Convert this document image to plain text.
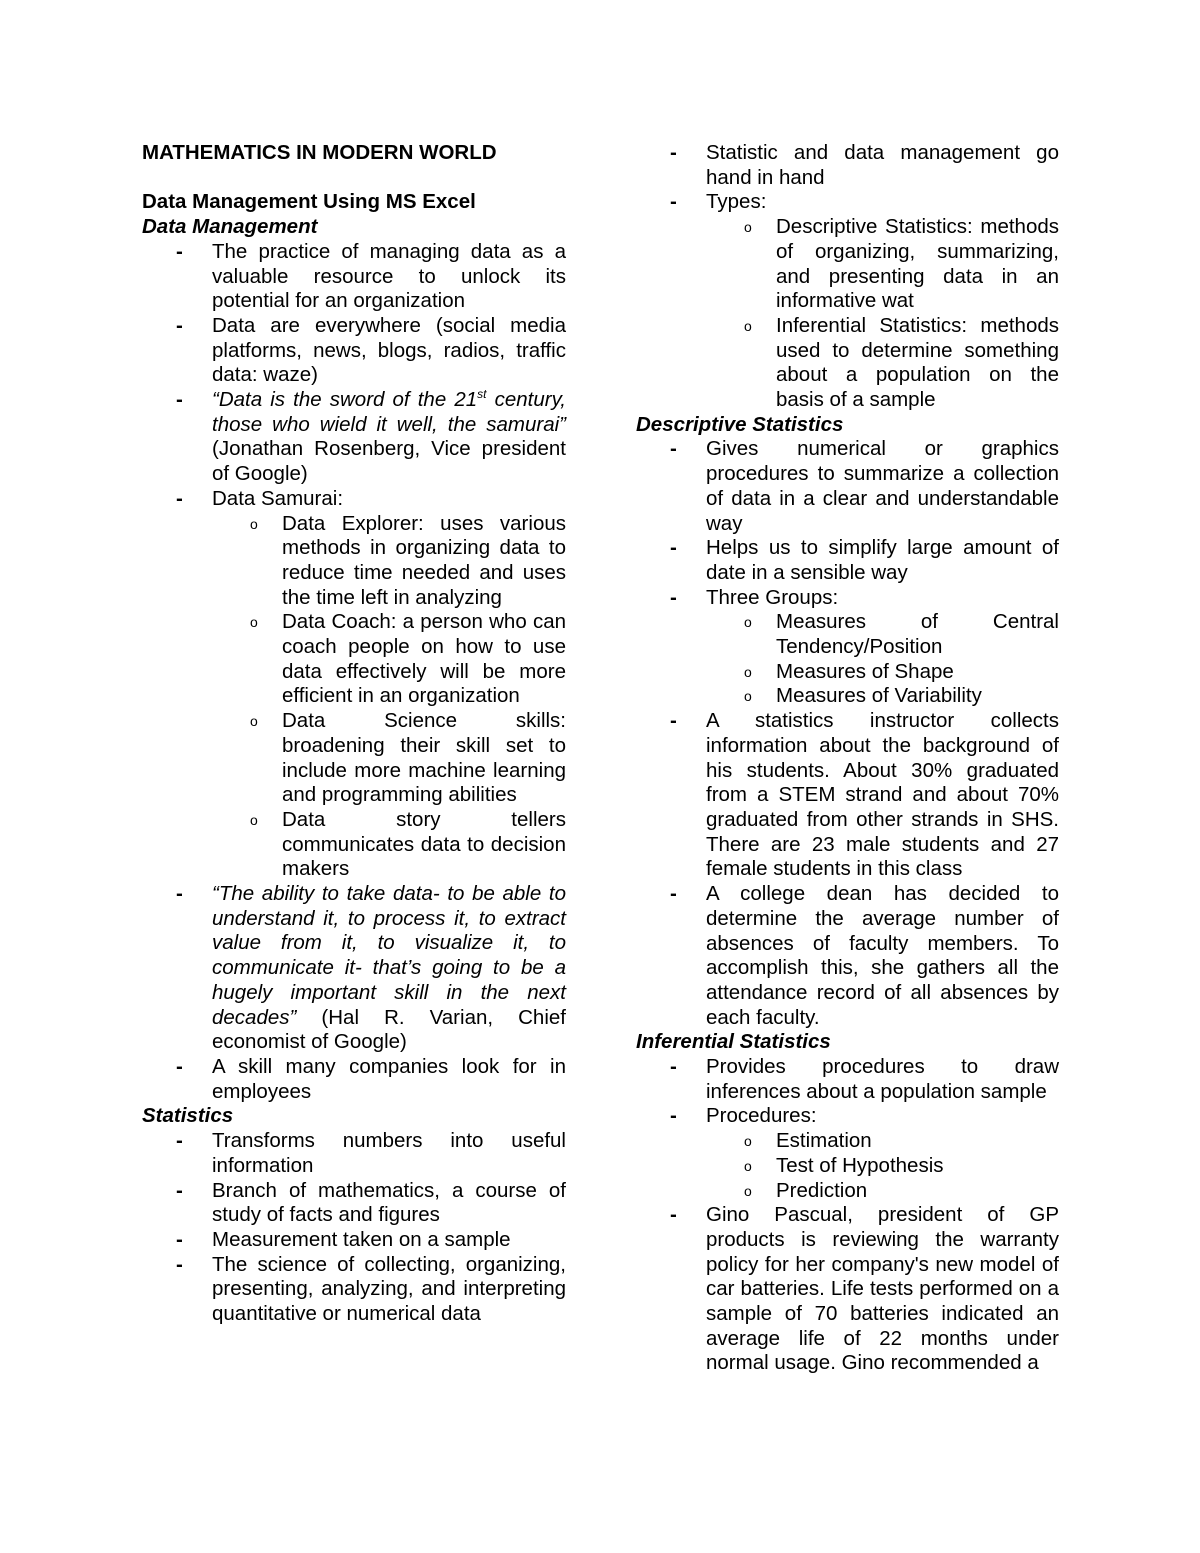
MATHEMATICS IN MODERN WORLD

Data Management Using MS Excel

Data Management

- The practice of managing data as a valuable resource to unlock its potential for an organization
- Data are everywhere (social media platforms, news, blogs, radios, traffic data: waze)
- “Data is the sword of the 21st century, those who wield it well, the samurai” (Jonathan Rosenberg, Vice president of Google)
- Data Samurai:
o Data Explorer: uses various methods in organizing data to reduce time needed and uses the time left in analyzing
o Data Coach: a person who can coach people on how to use data effectively will be more efficient in an organization
o Data Science skills: broadening their skill set to include more machine learning and programming abilities
o Data story tellers communicates data to decision makers
- “The ability to take data- to be able to understand it, to process it, to extract value from it, to visualize it, to communicate it- that’s going to be a hugely important skill in the next decades” (Hal R. Varian, Chief economist of Google)
- A skill many companies look for in employees

Statistics

- Transforms numbers into useful information
- Branch of mathematics, a course of study of facts and figures
- Measurement taken on a sample
- The science of collecting, organizing, presenting, analyzing, and interpreting quantitative or numerical data
- Statistic and data management go hand in hand
- Types:
o Descriptive Statistics: methods of organizing, summarizing, and presenting data in an informative wat
o Inferential Statistics: methods used to determine something about a population on the basis of a sample

Descriptive Statistics

- Gives numerical or graphics procedures to summarize a collection of data in a clear and understandable way
- Helps us to simplify large amount of date in a sensible way
- Three Groups:
o Measures of Central Tendency/Position
o Measures of Shape
o Measures of Variability
- A statistics instructor collects information about the background of his students. About 30% graduated from a STEM strand and about 70% graduated from other strands in SHS. There are 23 male students and 27 female students in this class
- A college dean has decided to determine the average number of absences of faculty members. To accomplish this, she gathers all the attendance record of all absences by each faculty.

Inferential Statistics

- Provides procedures to draw inferences about a population sample
- Procedures:
o Estimation
o Test of Hypothesis
o Prediction
- Gino Pascual, president of GP products is reviewing the warranty policy for her company's new model of car batteries. Life tests performed on a sample of 70 batteries indicated an average life of 22 months under normal usage. Gino recommended a
